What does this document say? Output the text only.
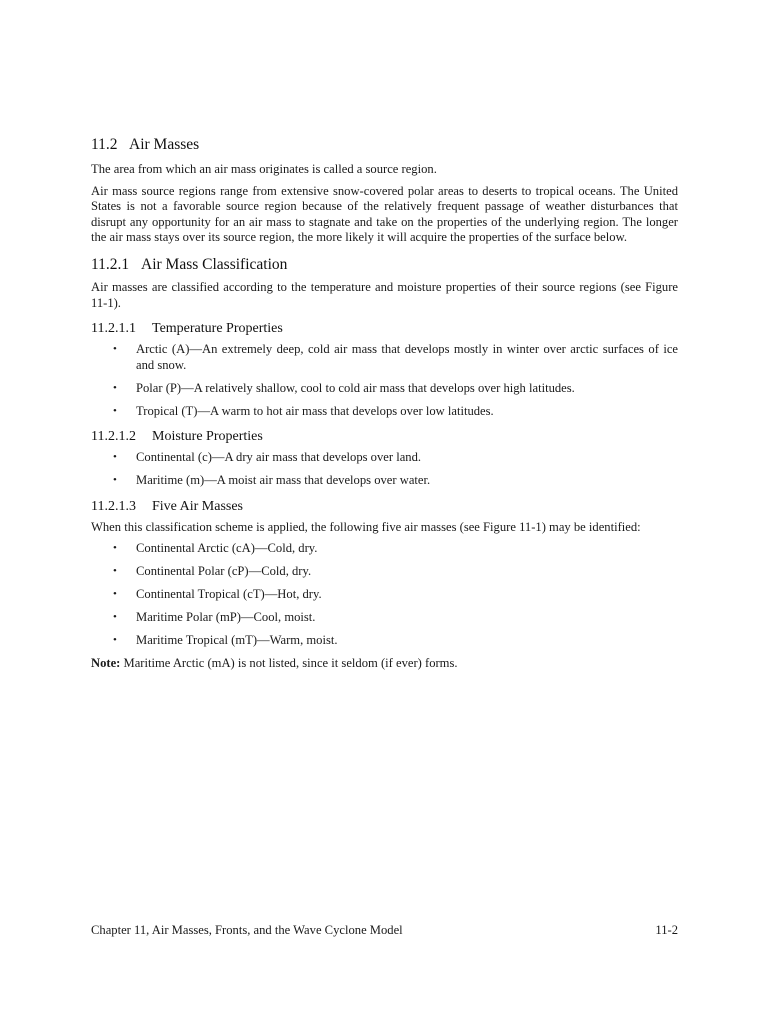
11.2 Air Masses

The area from which an air mass originates is called a source region.

Air mass source regions range from extensive snow-covered polar areas to deserts to tropical oceans. The United States is not a favorable source region because of the relatively frequent passage of weather disturbances that disrupt any opportunity for an air mass to stagnate and take on the properties of the underlying region. The longer the air mass stays over its source region, the more likely it will acquire the properties of the surface below.

11.2.1 Air Mass Classification

Air masses are classified according to the temperature and moisture properties of their source regions (see Figure 11-1).

11.2.1.1 Temperature Properties
• Arctic (A)—An extremely deep, cold air mass that develops mostly in winter over arctic surfaces of ice and snow.
• Polar (P)—A relatively shallow, cool to cold air mass that develops over high latitudes.
• Tropical (T)—A warm to hot air mass that develops over low latitudes.
11.2.1.2 Moisture Properties
• Continental (c)—A dry air mass that develops over land.
• Maritime (m)—A moist air mass that develops over water.
11.2.1.3 Five Air Masses

When this classification scheme is applied, the following five air masses (see Figure 11-1) may be identified:

• Continental Arctic (cA)—Cold, dry.
• Continental Polar (cP)—Cold, dry.
• Continental Tropical (cT)—Hot, dry.
• Maritime Polar (mP)—Cool, moist.
• Maritime Tropical (mT)—Warm, moist.

Note: Maritime Arctic (mA) is not listed, since it seldom (if ever) forms.

Chapter 11, Air Masses, Fronts, and the Wave Cyclone Model	11-2
